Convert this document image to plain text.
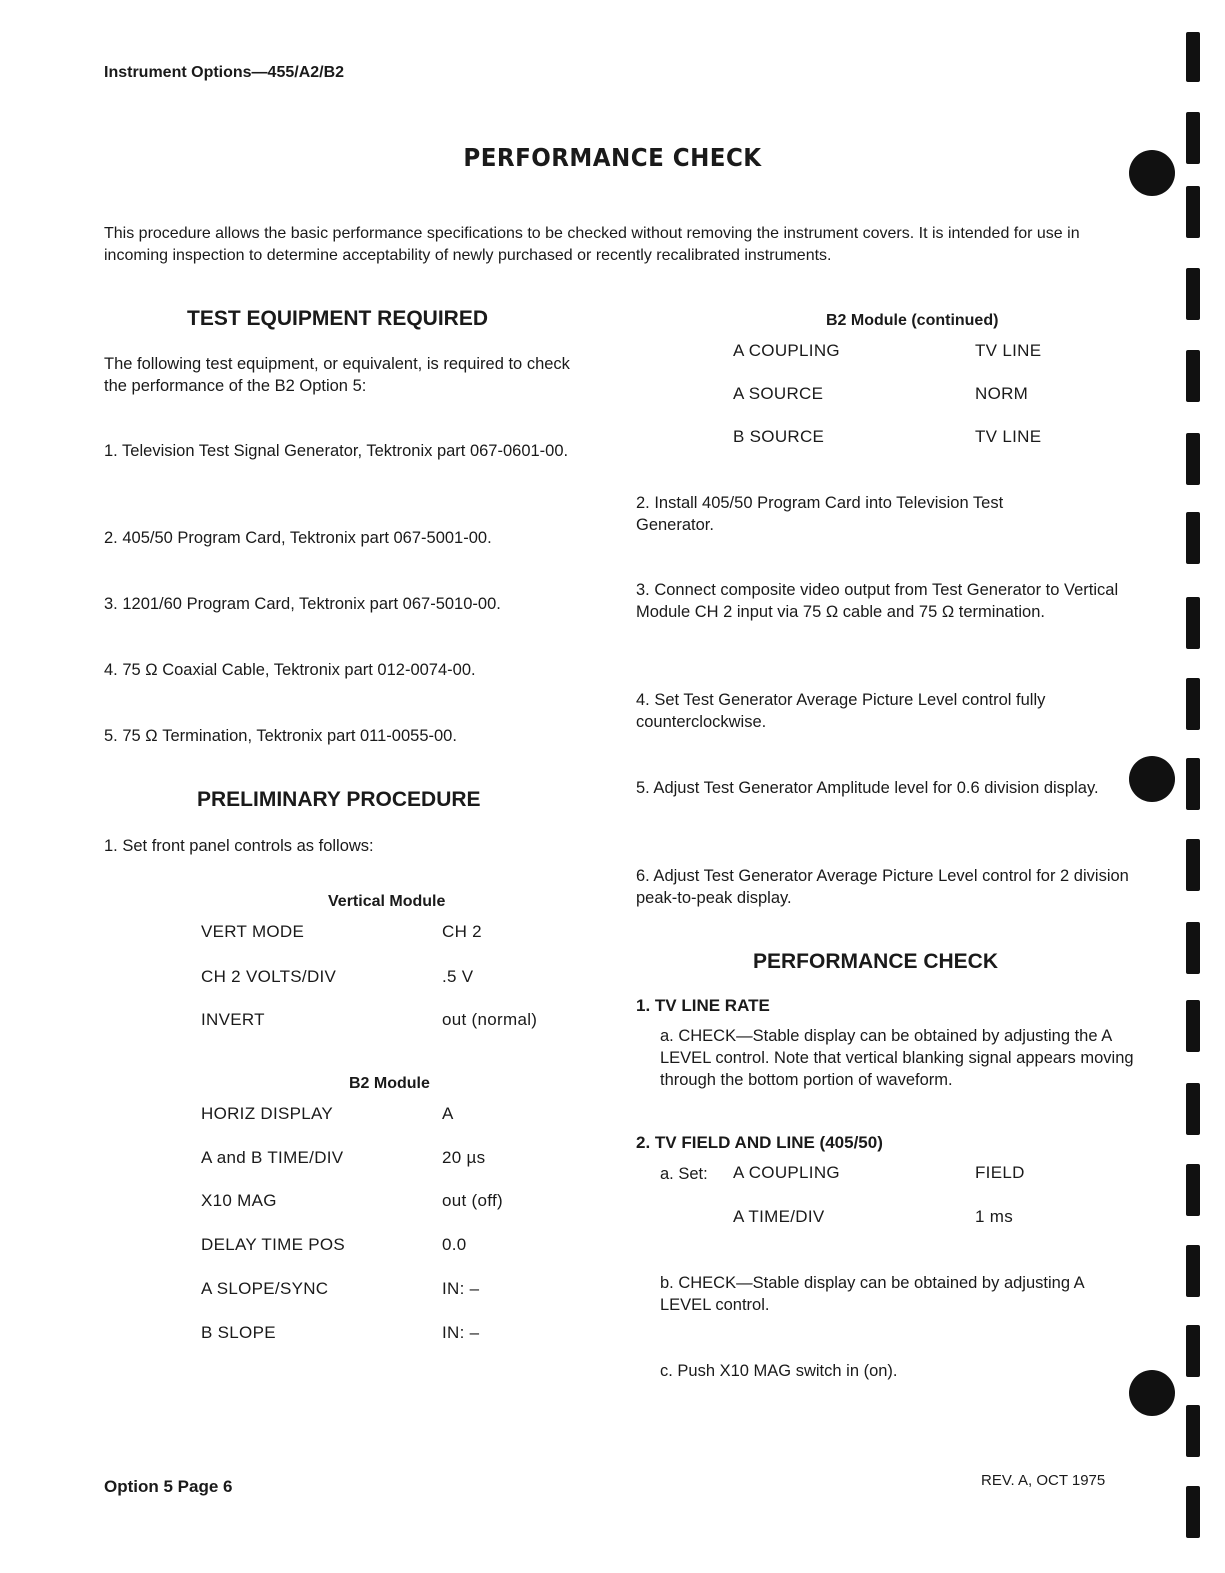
Instrument Options—455/A2/B2
PERFORMANCE CHECK
This procedure allows the basic performance specifications to be checked without removing the instrument covers. It is intended for use in incoming inspection to determine acceptability of newly purchased or recently recalibrated instruments.
TEST EQUIPMENT REQUIRED
The following test equipment, or equivalent, is required to check the performance of the B2 Option 5:
1. Television Test Signal Generator, Tektronix part 067-0601-00.
2. 405/50 Program Card, Tektronix part 067-5001-00.
3. 1201/60 Program Card, Tektronix part 067-5010-00.
4. 75 Ω Coaxial Cable, Tektronix part 012-0074-00.
5. 75 Ω Termination, Tektronix part 011-0055-00.
PRELIMINARY PROCEDURE
1. Set front panel controls as follows:
Vertical Module
VERT MODE	CH 2
CH 2 VOLTS/DIV	.5 V
INVERT	out (normal)
B2 Module
HORIZ DISPLAY	A
A and B TIME/DIV	20 µs
X10 MAG	out (off)
DELAY TIME POS	0.0
A SLOPE/SYNC	IN: –
B SLOPE	IN: –
B2 Module (continued)
A COUPLING	TV LINE
A SOURCE	NORM
B SOURCE	TV LINE
2. Install 405/50 Program Card into Television Test Generator.
3. Connect composite video output from Test Generator to Vertical Module CH 2 input via 75 Ω cable and 75 Ω termination.
4. Set Test Generator Average Picture Level control fully counterclockwise.
5. Adjust Test Generator Amplitude level for 0.6 division display.
6. Adjust Test Generator Average Picture Level control for 2 division peak-to-peak display.
PERFORMANCE CHECK
1. TV LINE RATE
a. CHECK—Stable display can be obtained by adjusting the A LEVEL control. Note that vertical blanking signal appears moving through the bottom portion of waveform.
2. TV FIELD AND LINE (405/50)
a. Set: A COUPLING	FIELD
A TIME/DIV	1 ms
b. CHECK—Stable display can be obtained by adjusting A LEVEL control.
c. Push X10 MAG switch in (on).
Option 5 Page 6	REV. A, OCT 1975
